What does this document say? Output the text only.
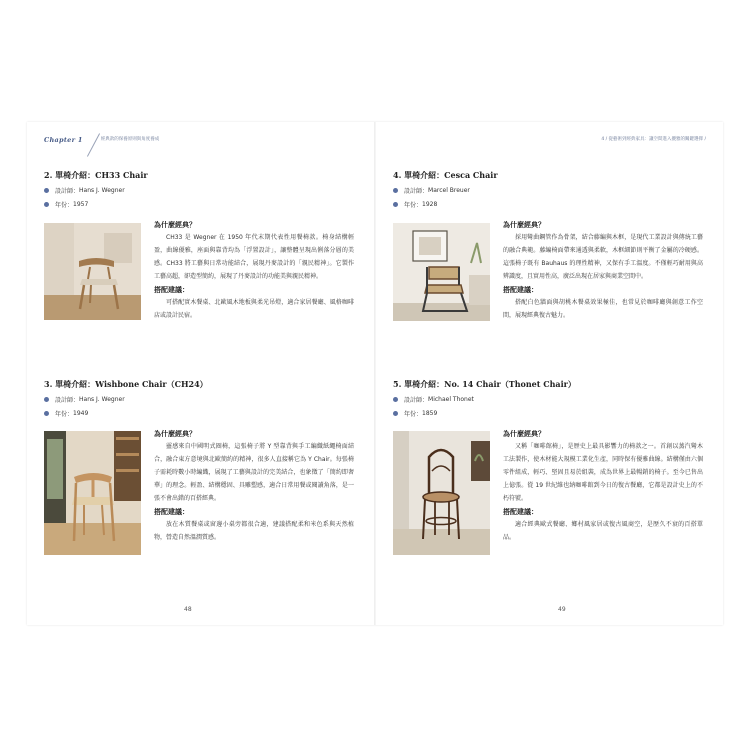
Chapter 1	經典款的保養原則與角度養成
2. 單椅介紹：CH33 Chair
設計師： Hans J. Wegner
年份： 1957
為什麼經典？
CH33 是 Wegner 在 1950 年代末期代表性用餐椅款。椅身結構輕盈，曲線優雅，座面與靠背均為「浮置設計」，讓整體呈現出俐落分層的美感。CH33 將工藝與日常功能結合，展現丹麥設計的「親民精神」。它製作工藝高超，卻造型簡約，展現了丹麥設計的功能美與親民精神。
搭配建議：
可搭配實木餐桌、北歐風木地板與柔光吊燈，適合家居餐廳、風格咖啡店或設計民宿。
3. 單椅介紹：Wishbone Chair（CH24）
設計師： Hans J. Wegner
年份： 1949
為什麼經典？
靈感來自中國明式圈椅，這張椅子將 Y 型靠背與手工編織紙繩椅面結合，融合東方意境與北歐簡約的精神，很多人直接稱它為 Y Chair。每張椅子需耗時數小時編織，展現了工藝與設計的完美結合，也象徵了「簡約即奢華」的理念。輕盈、結構穩固、具雕塑感，適合日常用餐或閱讀角落，是一張不會出錯的百搭經典。
搭配建議：
放在木質餐桌或窗邊小桌旁都很合適，建議搭配柔和米色系與天然植物，營造自然溫潤質感。
48
4 / 從藝術到經典家具：讓空間進入優雅的關鍵選擇 /
4. 單椅介紹：Cesca Chair
設計師： Marcel Breuer
年份： 1928
為什麼經典？
採用彎曲鋼管作為骨架，結合藤編與木框，是現代工業設計與傳統工藝的融合典範。藤編椅面帶來通透與柔軟，木框細節則平衡了金屬的冷硬感。這張椅子既有 Bauhaus 的理性精神，又保有手工溫度。不僅輕巧耐用與高辨識度，且實用性高，廣泛出現在居家與商業空間中。
搭配建議：
搭配白色牆面與胡桃木餐桌效果極佳，也常見於咖啡廳與創意工作空間，展現經典復古魅力。
5. 單椅介紹：No. 14 Chair（Thonet Chair）
設計師： Michael Thonet
年份： 1859
為什麼經典？
又稱「咖啡館椅」，是歷史上最具影響力的椅款之一。首創以蒸汽彎木工法製作，使木材能大規模工業化生產，同時保有優雅曲線。結構僅由六個零件組成，輕巧、堅固且易於組裝，成為世界上最暢銷的椅子。至今已售出上億張。從 19 世紀維也納咖啡館到今日的復古餐廳，它都是設計史上的不朽符號。
搭配建議：
適合經典歐式餐廳、鄉村風家居或復古風商空，是歷久不衰的百搭單品。
49
